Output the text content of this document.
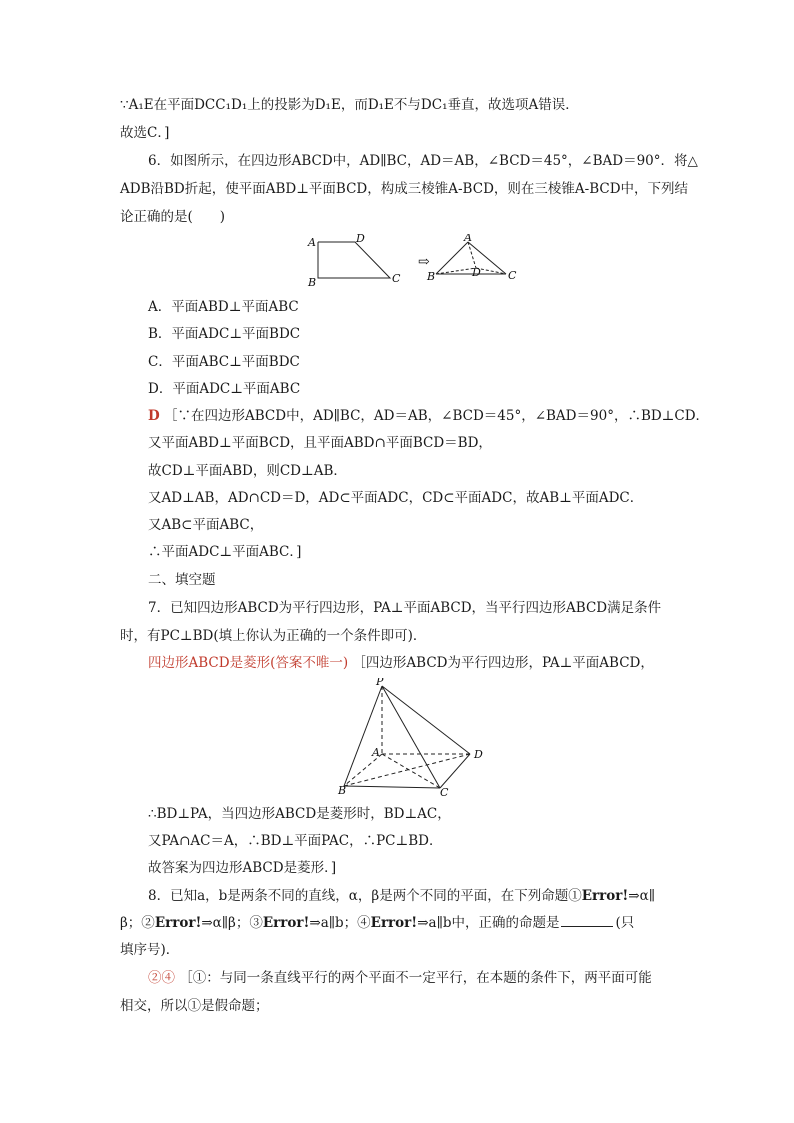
∵A₁E在平面DCC₁D₁上的投影为D₁E，而D₁E不与DC₁垂直，故选项A错误．
故选C．]
6．如图所示，在四边形ABCD中，AD∥BC，AD＝AB，∠BCD＝45°，∠BAD＝90°．将△
ADB沿BD折起，使平面ABD⊥平面BCD，构成三棱锥A-BCD，则在三棱锥A-BCD中，下列结
论正确的是(　　)
A	D
B	C
⇨
A
B	D C
A．平面ABD⊥平面ABC
B．平面ADC⊥平面BDC
C．平面ABC⊥平面BDC
D．平面ADC⊥平面ABC
D ［∵在四边形ABCD中，AD∥BC，AD＝AB，∠BCD＝45°，∠BAD＝90°，∴BD⊥CD．
又平面ABD⊥平面BCD，且平面ABD∩平面BCD＝BD，
故CD⊥平面ABD，则CD⊥AB．
又AD⊥AB，AD∩CD＝D，AD⊂平面ADC，CD⊂平面ADC，故AB⊥平面ADC．
又AB⊂平面ABC，
∴平面ADC⊥平面ABC．]
二、填空题
7．已知四边形ABCD为平行四边形，PA⊥平面ABCD，当平行四边形ABCD满足条件
时，有PC⊥BD(填上你认为正确的一个条件即可)．
四边形ABCD是菱形(答案不唯一) ［四边形ABCD为平行四边形，PA⊥平面ABCD，
P
A	D
B	C
∴BD⊥PA，当四边形ABCD是菱形时，BD⊥AC，
又PA∩AC＝A，∴BD⊥平面PAC，∴PC⊥BD．
故答案为四边形ABCD是菱形．]
8．已知a，b是两条不同的直线，α，β是两个不同的平面，在下列命题①Error!⇒α∥
β；②Error!⇒α∥β；③Error!⇒a∥b；④Error!⇒a∥b中，正确的命题是	(只
填序号)．
②④ ［①：与同一条直线平行的两个平面不一定平行，在本题的条件下，两平面可能
相交，所以①是假命题；
